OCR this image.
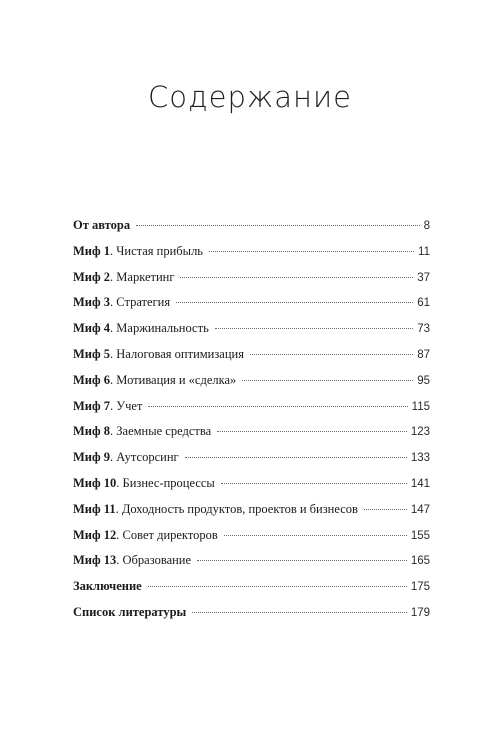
Содержание
От автора	8
Миф 1. Чистая прибыль	11
Миф 2. Маркетинг	37
Миф 3. Стратегия	61
Миф 4. Маржинальность	73
Миф 5. Налоговая оптимизация	87
Миф 6. Мотивация и «сделка»	95
Миф 7. Учет	115
Миф 8. Заемные средства	123
Миф 9. Аутсорсинг	133
Миф 10. Бизнес-процессы	141
Миф 11. Доходность продуктов, проектов и бизнесов	147
Миф 12. Совет директоров	155
Миф 13. Образование	165
Заключение	175
Список литературы	179
